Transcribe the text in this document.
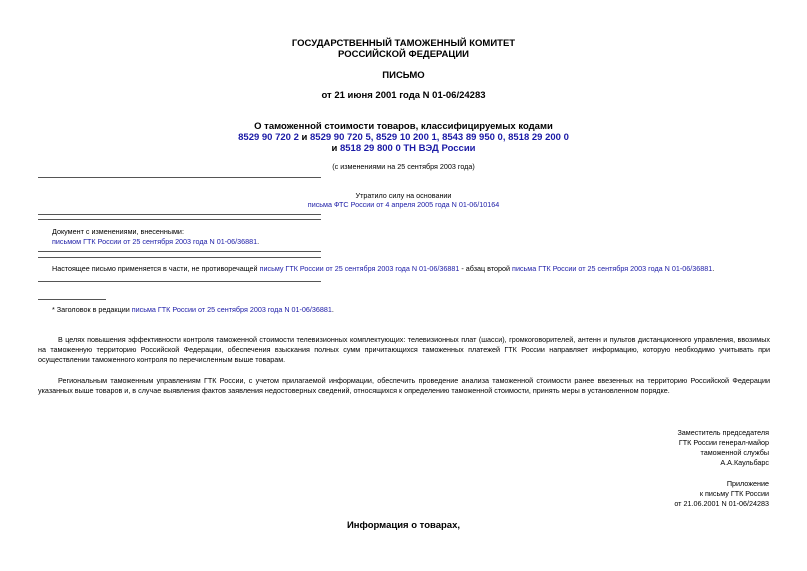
ГОСУДАРСТВЕННЫЙ ТАМОЖЕННЫЙ КОМИТЕТ
РОССИЙСКОЙ ФЕДЕРАЦИИ
ПИСЬМО
от 21 июня 2001 года N 01-06/24283
О таможенной стоимости товаров, классифицируемых кодами
8529 90 720 2 и 8529 90 720 5, 8529 10 200 1, 8543 89 950 0, 8518 29 200 0
и 8518 29 800 0 ТН ВЭД России
(с изменениями на 25 сентября 2003 года)
Утратило силу на основании
письма ФТС России от 4 апреля 2005 года N 01-06/10164
Документ с изменениями, внесенными:
письмом ГТК России от 25 сентября 2003 года N 01-06/36881.
Настоящее письмо применяется в части, не противоречащей письму ГТК России от 25 сентября 2003 года N 01-06/36881 - абзац второй письма ГТК России от 25 сентября 2003 года N 01-06/36881.
* Заголовок в редакции письма ГТК России от 25 сентября 2003 года N 01-06/36881.
В целях повышения эффективности контроля таможенной стоимости телевизионных комплектующих: телевизионных плат (шасси), громкоговорителей, антенн и пультов дистанционного управления, ввозимых на таможенную территорию Российской Федерации, обеспечения взыскания полных сумм причитающихся таможенных платежей ГТК России направляет информацию, которую необходимо учитывать при осуществлении таможенного контроля по перечисленным выше товарам.
Региональным таможенным управлениям ГТК России, с учетом прилагаемой информации, обеспечить проведение анализа таможенной стоимости ранее ввезенных на территорию Российской Федерации указанных выше товаров и, в случае выявления фактов заявления недостоверных сведений, относящихся к определению таможенной стоимости, принять меры в установленном порядке.
Заместитель председателя
ГТК России генерал-майор
таможенной службы
А.А.Каульбарс
Приложение
к письму ГТК России
от 21.06.2001 N 01-06/24283
Информация о товарах,
